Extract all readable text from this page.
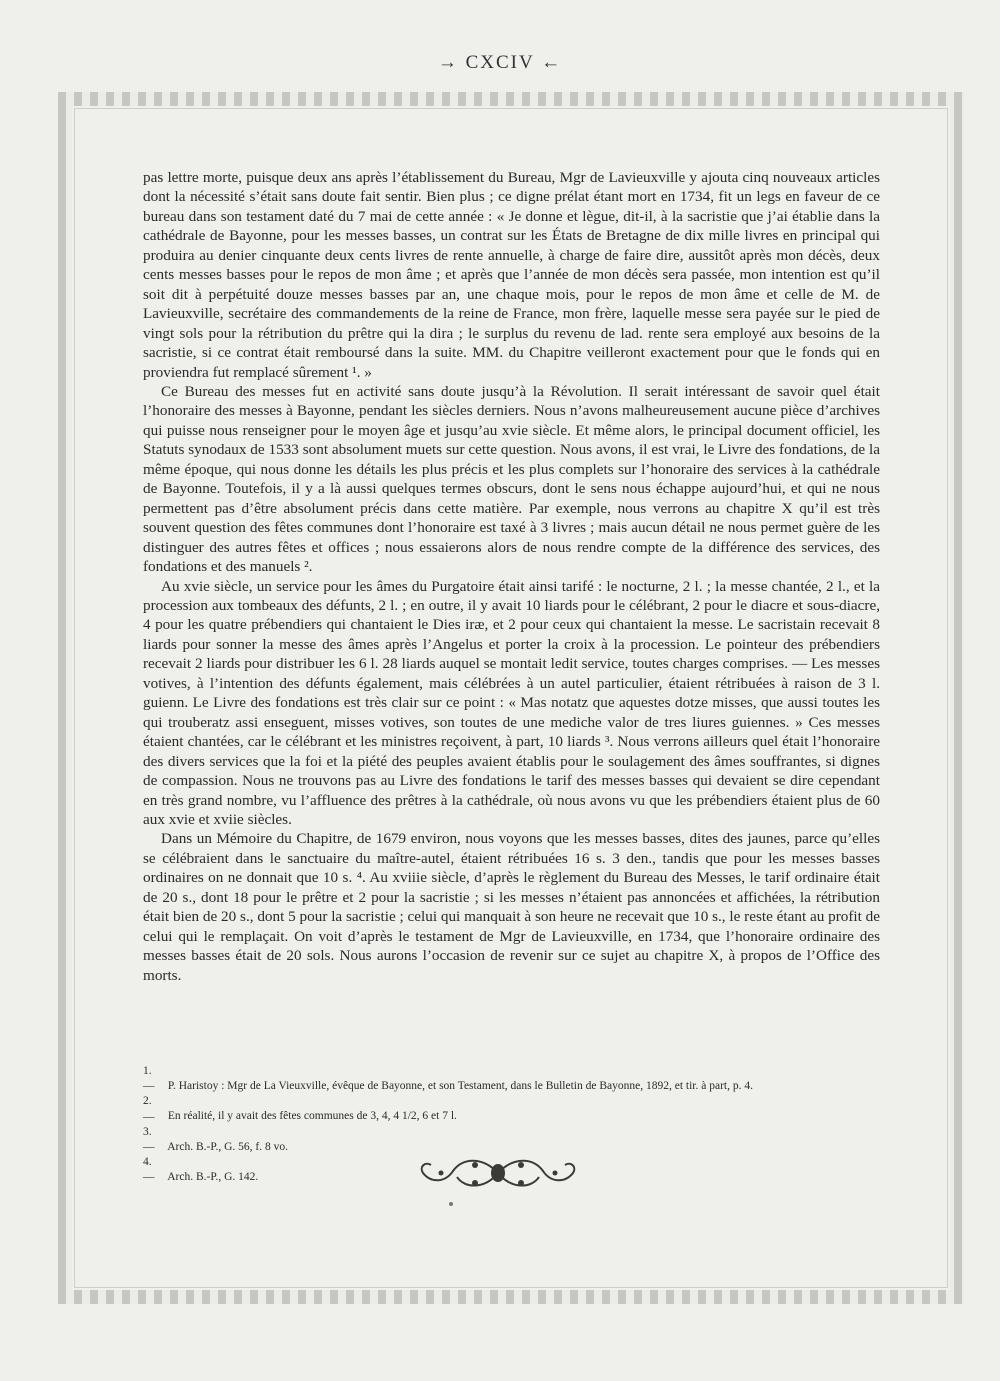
→ CXCIV ←

pas lettre morte, puisque deux ans après l’établissement du Bureau, Mgr de Lavieuxville y ajouta cinq nouveaux articles dont la nécessité s’était sans doute fait sentir. Bien plus ; ce digne prélat étant mort en 1734, fit un legs en faveur de ce bureau dans son testament daté du 7 mai de cette année : « Je donne et lègue, dit-il, à la sacristie que j’ai établie dans la cathédrale de Bayonne, pour les messes basses, un contrat sur les États de Bretagne de dix mille livres en principal qui produira au denier cinquante deux cents livres de rente annuelle, à charge de faire dire, aussitôt après mon décès, deux cents messes basses pour le repos de mon âme ; et après que l’année de mon décès sera passée, mon intention est qu’il soit dit à perpétuité douze messes basses par an, une chaque mois, pour le repos de mon âme et celle de M. de Lavieuxville, secrétaire des commandements de la reine de France, mon frère, laquelle messe sera payée sur le pied de vingt sols pour la rétribution du prêtre qui la dira ; le surplus du revenu de lad. rente sera employé aux besoins de la sacristie, si ce contrat était remboursé dans la suite. MM. du Chapitre veilleront exactement pour que le fonds qui en proviendra fut remplacé sûrement ¹. »

Ce Bureau des messes fut en activité sans doute jusqu’à la Révolution. Il serait intéressant de savoir quel était l’honoraire des messes à Bayonne, pendant les siècles derniers. Nous n’avons malheureusement aucune pièce d’archives qui puisse nous renseigner pour le moyen âge et jusqu’au xvie siècle. Et même alors, le principal document officiel, les Statuts synodaux de 1533 sont absolument muets sur cette question. Nous avons, il est vrai, le Livre des fondations, de la même époque, qui nous donne les détails les plus précis et les plus complets sur l’honoraire des services à la cathédrale de Bayonne. Toutefois, il y a là aussi quelques termes obscurs, dont le sens nous échappe aujourd’hui, et qui ne nous permettent pas d’être absolument précis dans cette matière. Par exemple, nous verrons au chapitre X qu’il est très souvent question des fêtes communes dont l’honoraire est taxé à 3 livres ; mais aucun détail ne nous permet guère de les distinguer des autres fêtes et offices ; nous essaierons alors de nous rendre compte de la différence des services, des fondations et des manuels ².

Au xvie siècle, un service pour les âmes du Purgatoire était ainsi tarifé : le nocturne, 2 l. ; la messe chantée, 2 l., et la procession aux tombeaux des défunts, 2 l. ; en outre, il y avait 10 liards pour le célébrant, 2 pour le diacre et sous-diacre, 4 pour les quatre prébendiers qui chantaient le Dies iræ, et 2 pour ceux qui chantaient la messe. Le sacristain recevait 8 liards pour sonner la messe des âmes après l’Angelus et porter la croix à la procession. Le pointeur des prébendiers recevait 2 liards pour distribuer les 6 l. 28 liards auquel se montait ledit service, toutes charges comprises. — Les messes votives, à l’intention des défunts également, mais célébrées à un autel particulier, étaient rétribuées à raison de 3 l. guienn. Le Livre des fondations est très clair sur ce point : « Mas notatz que aquestes dotze misses, que aussi toutes les qui trouberatz assi enseguent, misses votives, son toutes de une mediche valor de tres liures guiennes. » Ces messes étaient chantées, car le célébrant et les ministres reçoivent, à part, 10 liards ³. Nous verrons ailleurs quel était l’honoraire des divers services que la foi et la piété des peuples avaient établis pour le soulagement des âmes souffrantes, si dignes de compassion. Nous ne trouvons pas au Livre des fondations le tarif des messes basses qui devaient se dire cependant en très grand nombre, vu l’affluence des prêtres à la cathédrale, où nous avons vu que les prébendiers étaient plus de 60 aux xvie et xviie siècles.

Dans un Mémoire du Chapitre, de 1679 environ, nous voyons que les messes basses, dites des jaunes, parce qu’elles se célébraient dans le sanctuaire du maître-autel, étaient rétribuées 16 s. 3 den., tandis que pour les messes basses ordinaires on ne donnait que 10 s. ⁴. Au xviiie siècle, d’après le règlement du Bureau des Messes, le tarif ordinaire était de 20 s., dont 18 pour le prêtre et 2 pour la sacristie ; si les messes n’étaient pas annoncées et affichées, la rétribution était bien de 20 s., dont 5 pour la sacristie ; celui qui manquait à son heure ne recevait que 10 s., le reste étant au profit de celui qui le remplaçait. On voit d’après le testament de Mgr de Lavieuxville, en 1734, que l’honoraire ordinaire des messes basses était de 20 sols. Nous aurons l’occasion de revenir sur ce sujet au chapitre X, à propos de l’Office des morts.

1. — P. Haristoy : Mgr de La Vieuxville, évêque de Bayonne, et son Testament, dans le Bulletin de Bayonne, 1892, et tir. à part, p. 4.
2. — En réalité, il y avait des fêtes communes de 3, 4, 4 1/2, 6 et 7 l.
3. — Arch. B.-P., G. 56, f. 8 vo.
4. — Arch. B.-P., G. 142.
